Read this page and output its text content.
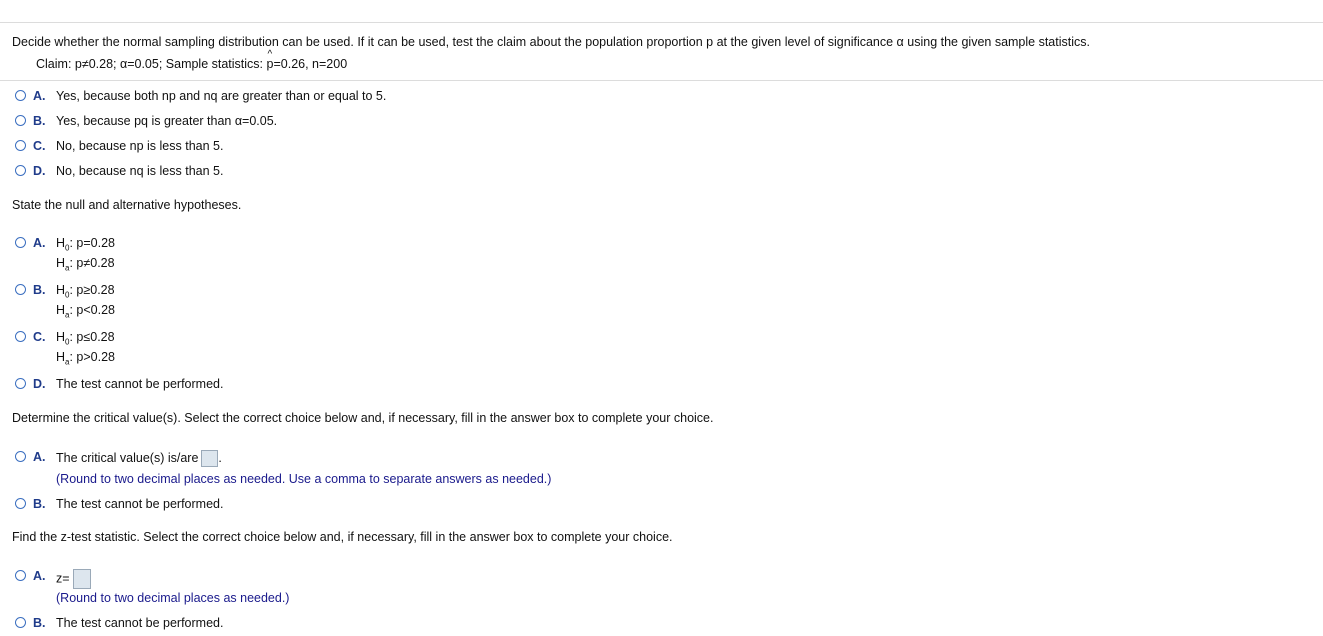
Decide whether the normal sampling distribution can be used. If it can be used, test the claim about the population proportion p at the given level of significance α using the given sample statistics.
Claim: p≠0.28; α=0.05; Sample statistics: ^ p=0.26, n=200
A. Yes, because both np and nq are greater than or equal to 5.
B. Yes, because pq is greater than α=0.05.
C. No, because np is less than 5.
D. No, because nq is less than 5.
State the null and alternative hypotheses.
A. $H_0$: p=0.28
$H_a$: p≠0.28
B. $H_0$: p≥0.28
$H_a$: p<0.28
C. $H_0$: p≤0.28
$H_a$: p>0.28
D. The test cannot be performed.
Determine the critical value(s). Select the correct choice below and, if necessary, fill in the answer box to complete your choice.
A. The critical value(s) is/are .
(Round to two decimal places as needed. Use a comma to separate answers as needed.)
B. The test cannot be performed.
Find the z-test statistic. Select the correct choice below and, if necessary, fill in the answer box to complete your choice.
A. z=
(Round to two decimal places as needed.)
B. The test cannot be performed.
